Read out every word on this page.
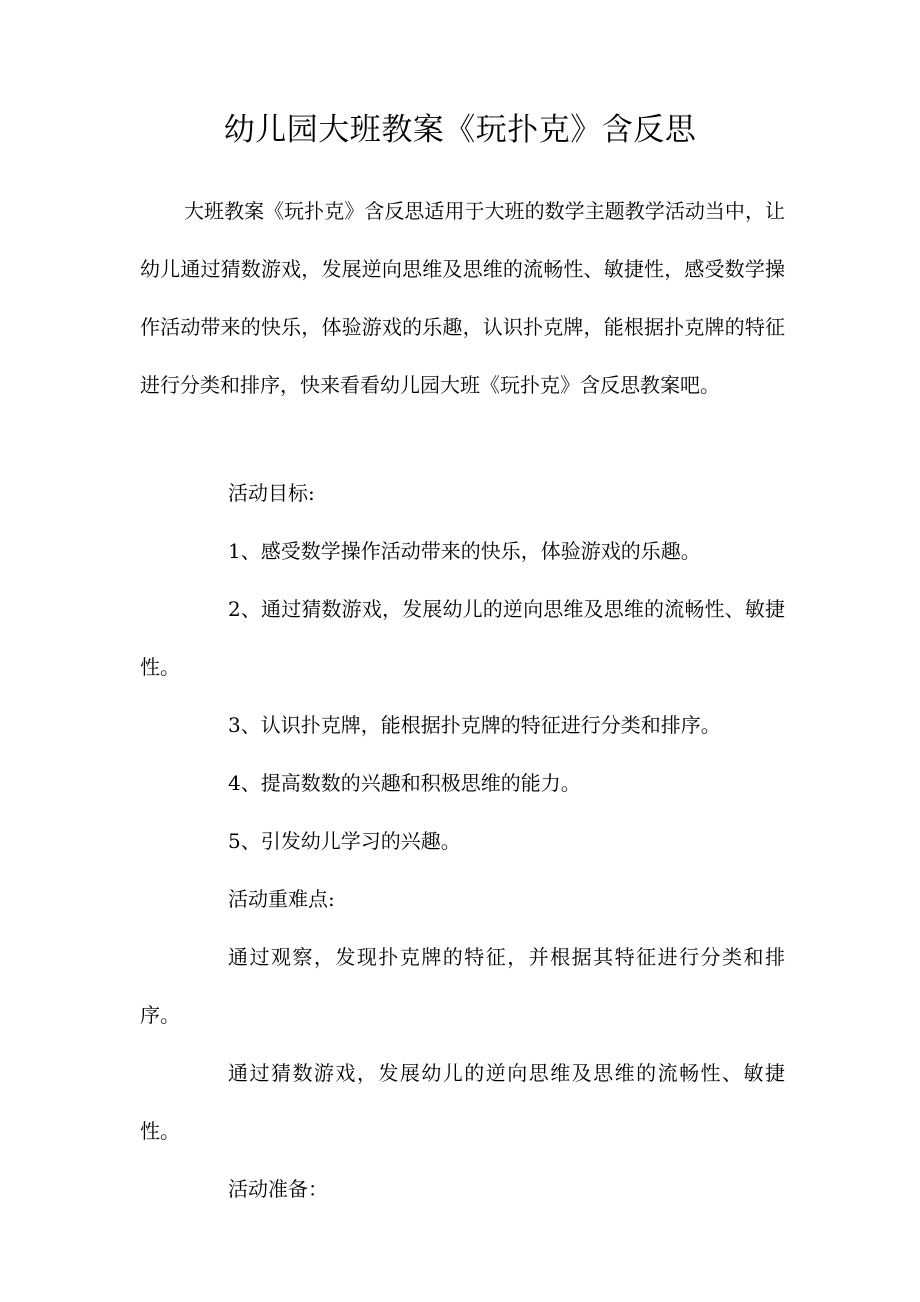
幼儿园大班教案《玩扑克》含反思

大班教案《玩扑克》含反思适用于大班的数学主题教学活动当中，让幼儿通过猜数游戏，发展逆向思维及思维的流畅性、敏捷性，感受数学操作活动带来的快乐，体验游戏的乐趣，认识扑克牌，能根据扑克牌的特征进行分类和排序，快来看看幼儿园大班《玩扑克》含反思教案吧。

活动目标:

1、感受数学操作活动带来的快乐，体验游戏的乐趣。

2、通过猜数游戏，发展幼儿的逆向思维及思维的流畅性、敏捷性。

3、认识扑克牌，能根据扑克牌的特征进行分类和排序。

4、提高数数的兴趣和积极思维的能力。

5、引发幼儿学习的兴趣。

活动重难点:

通过观察，发现扑克牌的特征，并根据其特征进行分类和排序。

通过猜数游戏，发展幼儿的逆向思维及思维的流畅性、敏捷性。

活动准备：
